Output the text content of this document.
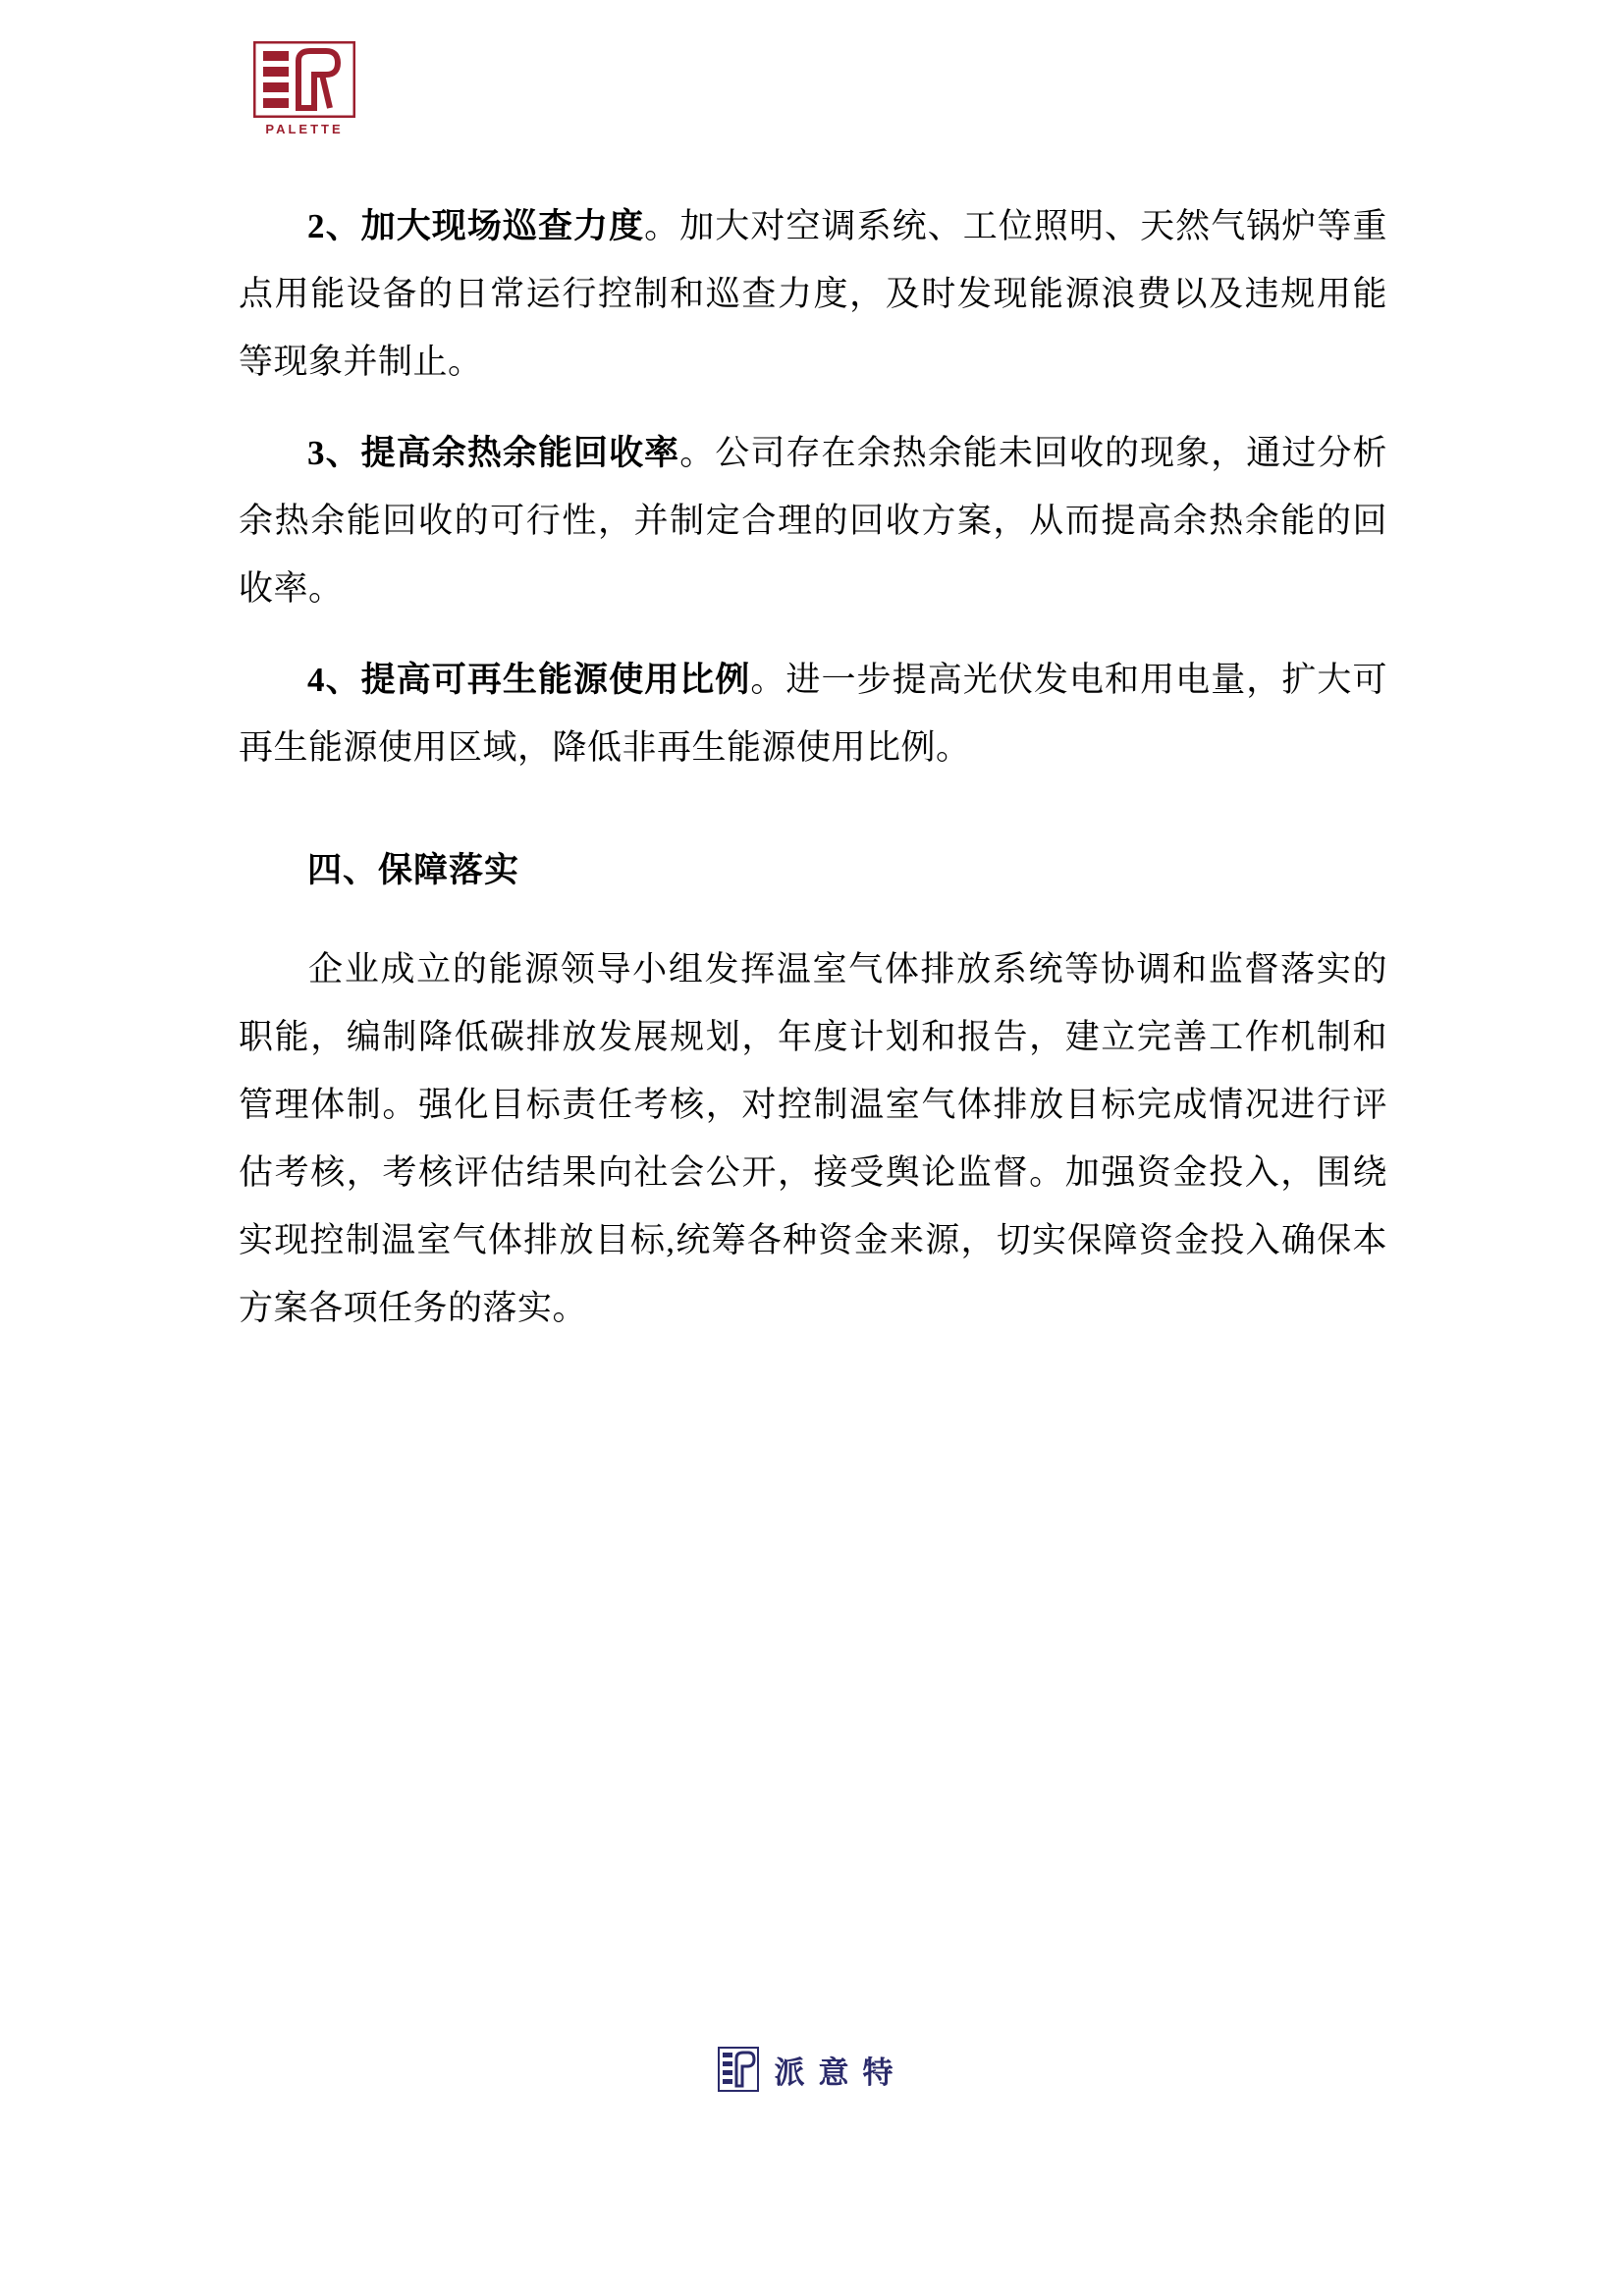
PALETTE

2、加大现场巡查力度。加大对空调系统、工位照明、天然气锅炉等重点用能设备的日常运行控制和巡查力度，及时发现能源浪费以及违规用能等现象并制止。

3、提高余热余能回收率。公司存在余热余能未回收的现象，通过分析余热余能回收的可行性，并制定合理的回收方案，从而提高余热余能的回收率。

4、提高可再生能源使用比例。进一步提高光伏发电和用电量，扩大可再生能源使用区域，降低非再生能源使用比例。

四、保障落实

企业成立的能源领导小组发挥温室气体排放系统等协调和监督落实的职能，编制降低碳排放发展规划，年度计划和报告，建立完善工作机制和管理体制。强化目标责任考核，对控制温室气体排放目标完成情况进行评估考核，考核评估结果向社会公开，接受舆论监督。加强资金投入，围绕实现控制温室气体排放目标,统筹各种资金来源，切实保障资金投入确保本方案各项任务的落实。

派意特
